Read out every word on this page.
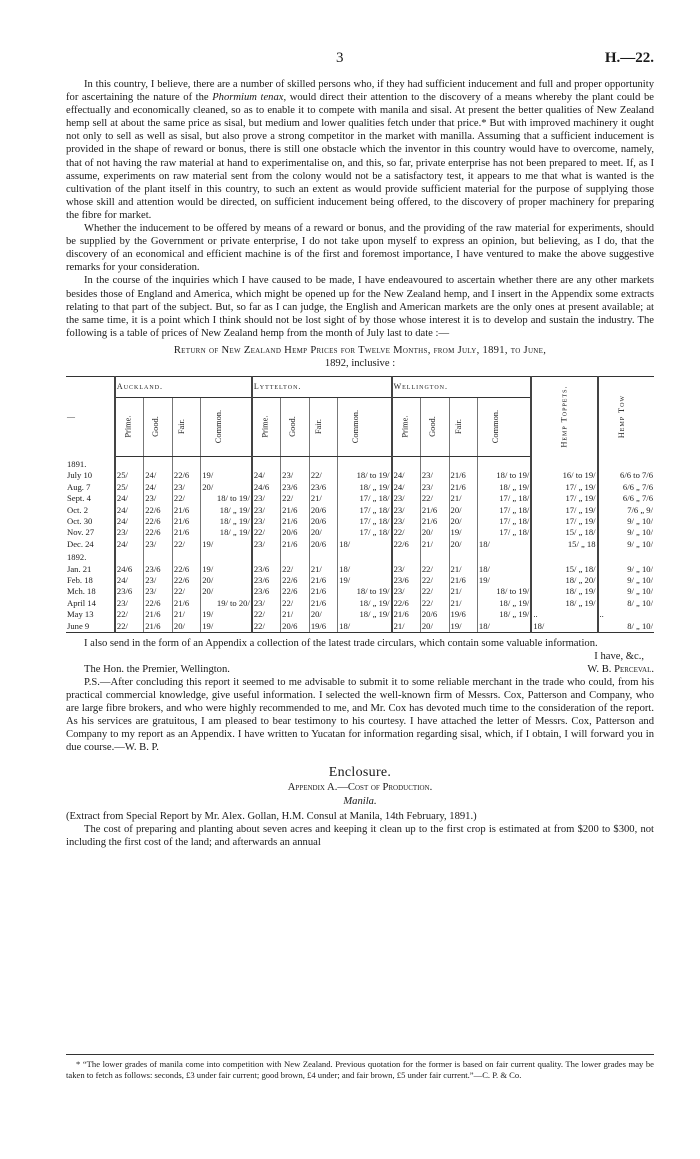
3	H.—22.

In this country, I believe, there are a number of skilled persons who, if they had sufficient inducement and full and proper opportunity for ascertaining the nature of the Phormium tenax, would direct their attention to the discovery of a means whereby the plant could be effectually and economically cleaned, so as to enable it to compete with manila and sisal. At present the better qualities of New Zealand hemp sell at about the same price as sisal, but medium and lower qualities fetch under that price.* But with improved machinery it ought not only to sell as well as sisal, but also prove a strong competitor in the market with manilla. Assuming that a sufficient inducement is provided in the shape of reward or bonus, there is still one obstacle which the inventor in this country would have to overcome, namely, that of not having the raw material at hand to experimentalise on, and this, so far, private enterprise has not been prepared to meet. If, as I assume, experiments on raw material sent from the colony would not be a satisfactory test, it appears to me that what is wanted is the cultivation of the plant itself in this country, to such an extent as would provide sufficient material for the purpose of supplying those whose skill and attention would be directed, on sufficient inducement being offered, to the discovery of proper machinery for preparing the fibre for market.

Whether the inducement to be offered by means of a reward or bonus, and the providing of the raw material for experiments, should be supplied by the Government or private enterprise, I do not take upon myself to express an opinion, but believing, as I do, that the discovery of an economical and efficient machine is of the first and foremost importance, I have ventured to make the above suggestive remarks for your consideration.

In the course of the inquiries which I have caused to be made, I have endeavoured to ascertain whether there are any other markets besides those of England and America, which might be opened up for the New Zealand hemp, and I insert in the Appendix some extracts relating to that part of the subject. But, so far as I can judge, the English and American markets are the only ones at present available; at the same time, it is a point which I think should not be lost sight of by those whose interest it is to develop and sustain the industry. The following is a table of prices of New Zealand hemp from the month of July last to date :—

Return of New Zealand Hemp Prices for Twelve Months, from July, 1891, to June,
1892, inclusive :
—	Auckland.				Lyttelton.				Wellington.				Hemp Toppets.	Hemp Tow
	Prime.	Good.	Fair.	Common.	Prime.	Good.	Fair.	Common.	Prime.	Good.	Fair.	Common.		
1891.														
July 10	25/	24/	22/6	19/	24/	23/	22/	18/ to 19/	24/	23/	21/6	18/ to 19/	16/ to 19/	6/6 to 7/6
Aug. 7	25/	24/	23/	20/	24/6	23/6	23/6	18/ „ 19/	24/	23/	21/6	18/ „ 19/	17/ „ 19/	6/6 „ 7/6
Sept. 4	24/	23/	22/	18/ to 19/	23/	22/	21/	17/ „ 18/	23/	22/	21/	17/ „ 18/	17/ „ 19/	6/6 „ 7/6
Oct. 2	24/	22/6	21/6	18/ „ 19/	23/	21/6	20/6	17/ „ 18/	23/	21/6	20/	17/ „ 18/	17/ „ 19/	7/6 „ 9/
Oct. 30	24/	22/6	21/6	18/ „ 19/	23/	21/6	20/6	17/ „ 18/	23/	21/6	20/	17/ „ 18/	17/ „ 19/	9/ „ 10/
Nov. 27	23/	22/6	21/6	18/ „ 19/	22/	20/6	20/	17/ „ 18/	22/	20/	19/	17/ „ 18/	15/ „ 18/	9/ „ 10/
Dec. 24	24/	23/	22/	19/	23/	21/6	20/6	18/	22/6	21/	20/	18/	15/ „ 18	9/ „ 10/
1892.														
Jan. 21	24/6	23/6	22/6	19/	23/6	22/	21/	18/	23/	22/	21/	18/	15/ „ 18/	9/ „ 10/
Feb. 18	24/	23/	22/6	20/	23/6	22/6	21/6	19/	23/6	22/	21/6	19/	18/ „ 20/	9/ „ 10/
Mch. 18	23/6	23/	22/	20/	23/6	22/6	21/6	18/ to 19/	23/	22/	21/	18/ to 19/	18/ „ 19/	9/ „ 10/
April 14	23/	22/6	21/6	19/ to 20/	23/	22/	21/6	18/ „ 19/	22/6	22/	21/	18/ „ 19/	18/ „ 19/	8/ „ 10/
May 13	22/	21/6	21/	19/	22/	21/	20/	18/ „ 19/	21/6	20/6	19/6	18/ „ 19/	..	..
June 9	22/	21/6	20/	19/	22/	20/6	19/6	18/	21/	20/	19/	18/	18/	8/ „ 10/

I also send in the form of an Appendix a collection of the latest trade circulars, which contain some valuable information.

I have, &c.,
The Hon. the Premier, Wellington.	W. B. Perceval.

P.S.—After concluding this report it seemed to me advisable to submit it to some reliable merchant in the trade who could, from his practical commercial knowledge, give useful information. I selected the well-known firm of Messrs. Cox, Patterson and Company, who are large fibre brokers, and who were highly recommended to me, and Mr. Cox has devoted much time to the consideration of the report. As his services are gratuitous, I am pleased to bear testimony to his courtesy. I have attached the letter of Messrs. Cox, Patterson and Company to my report as an Appendix. I have written to Yucatan for information regarding sisal, which, if I obtain, I will forward you in due course.—W. B. P.

Enclosure.
Appendix A.—Cost of Production.
Manila.
(Extract from Special Report by Mr. Alex. Gollan, H.M. Consul at Manila, 14th February, 1891.)

The cost of preparing and planting about seven acres and keeping it clean up to the first crop is estimated at from $200 to $300, not including the first cost of the land; and afterwards an annual

* “The lower grades of manila come into competition with New Zealand. Previous quotation for the former is based on fair current quality. The lower grades may be taken to fetch as follows: seconds, £3 under fair current; good brown, £4 under; and fair brown, £5 under fair current.”—C. P. & Co.
